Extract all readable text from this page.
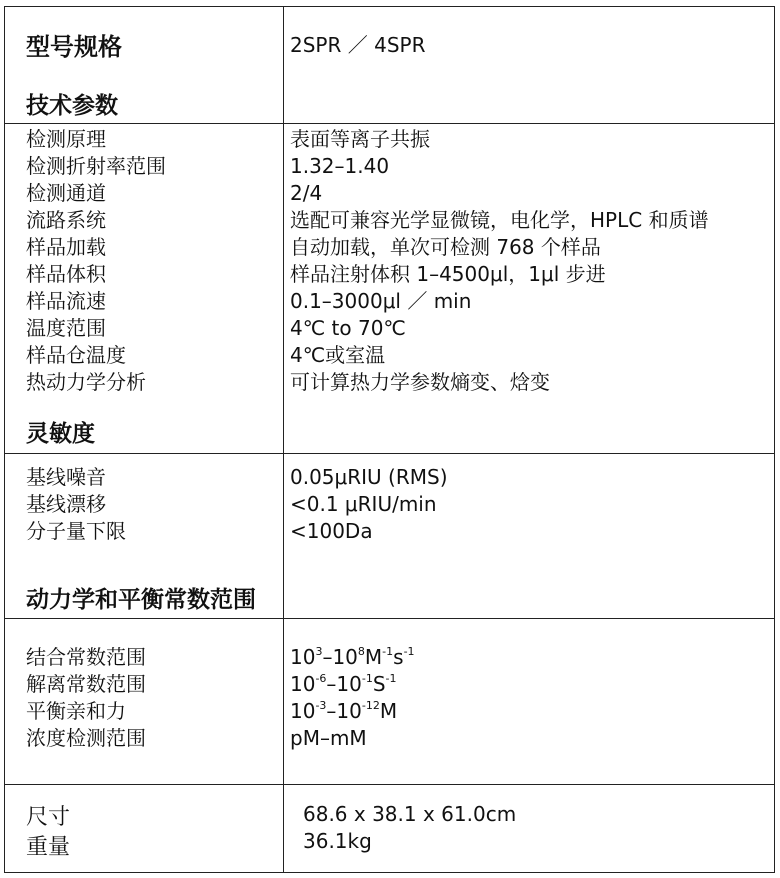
型号规格	2SPR ／ 4SPR
技术参数
检测原理
检测折射率范围
检测通道
流路系统
样品加载
样品体积
样品流速
温度范围
样品仓温度
热动力学分析
表面等离子共振
1.32–1.40
2/4
选配可兼容光学显微镜，电化学，HPLC 和质谱
自动加载，单次可检测 768 个样品
样品注射体积 1–4500μl，1μl 步进
0.1–3000μl ／ min
4℃ to 70℃
4℃或室温
可计算热力学参数熵变、焓变
灵敏度
基线噪音
基线漂移
分子量下限
0.05μRIU (RMS)
<0.1 μRIU/min
<100Da
动力学和平衡常数范围
结合常数范围
解离常数范围
平衡亲和力
浓度检测范围
$10^3-10^8M^{-1}s^{-1}$
$10^{-6}-10^{-1}S^{-1}$
$10^{-3}-10^{-12}M$
pM–mM
尺寸
重量
68.6 x 38.1 x 61.0cm
36.1kg
